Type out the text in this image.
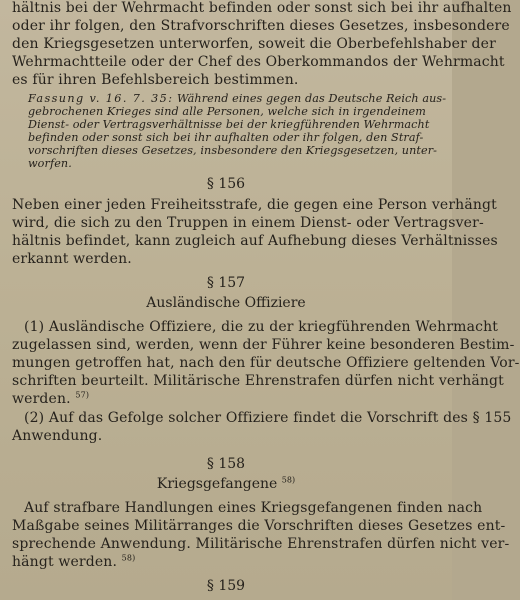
hältnis bei der Wehrmacht befinden oder sonst sich bei ihr aufhalten
oder ihr folgen, den Strafvorschriften dieses Gesetzes, insbesondere
den Kriegsgesetzen unterworfen, soweit die Oberbefehlshaber der
Wehrmachtteile oder der Chef des Oberkommandos der Wehrmacht
es für ihren Befehlsbereich bestimmen.
Fassung v. 16. 7. 35: Während eines gegen das Deutsche Reich aus-
gebrochenen Krieges sind alle Personen, welche sich in irgendeinem
Dienst- oder Vertragsverhältnisse bei der kriegführenden Wehrmacht
befinden oder sonst sich bei ihr aufhalten oder ihr folgen, den Straf-
vorschriften dieses Gesetzes, insbesondere den Kriegsgesetzen, unter-
worfen.
§ 156
Neben einer jeden Freiheitsstrafe, die gegen eine Person verhängt
wird, die sich zu den Truppen in einem Dienst- oder Vertragsver-
hältnis befindet, kann zugleich auf Aufhebung dieses Verhältnisses
erkannt werden.
§ 157
Ausländische Offiziere
(1) Ausländische Offiziere, die zu der kriegführenden Wehrmacht
zugelassen sind, werden, wenn der Führer keine besonderen Bestim-
mungen getroffen hat, nach den für deutsche Offiziere geltenden Vor-
schriften beurteilt. Militärische Ehrenstrafen dürfen nicht verhängt
werden. $^{57)}$
(2) Auf das Gefolge solcher Offiziere findet die Vorschrift des § 155
Anwendung.
§ 158
Kriegsgefangene $^{58)}$
Auf strafbare Handlungen eines Kriegsgefangenen finden nach
Maßgabe seines Militärranges die Vorschriften dieses Gesetzes ent-
sprechende Anwendung. Militärische Ehrenstrafen dürfen nicht ver-
hängt werden. $^{58)}$
§ 159
